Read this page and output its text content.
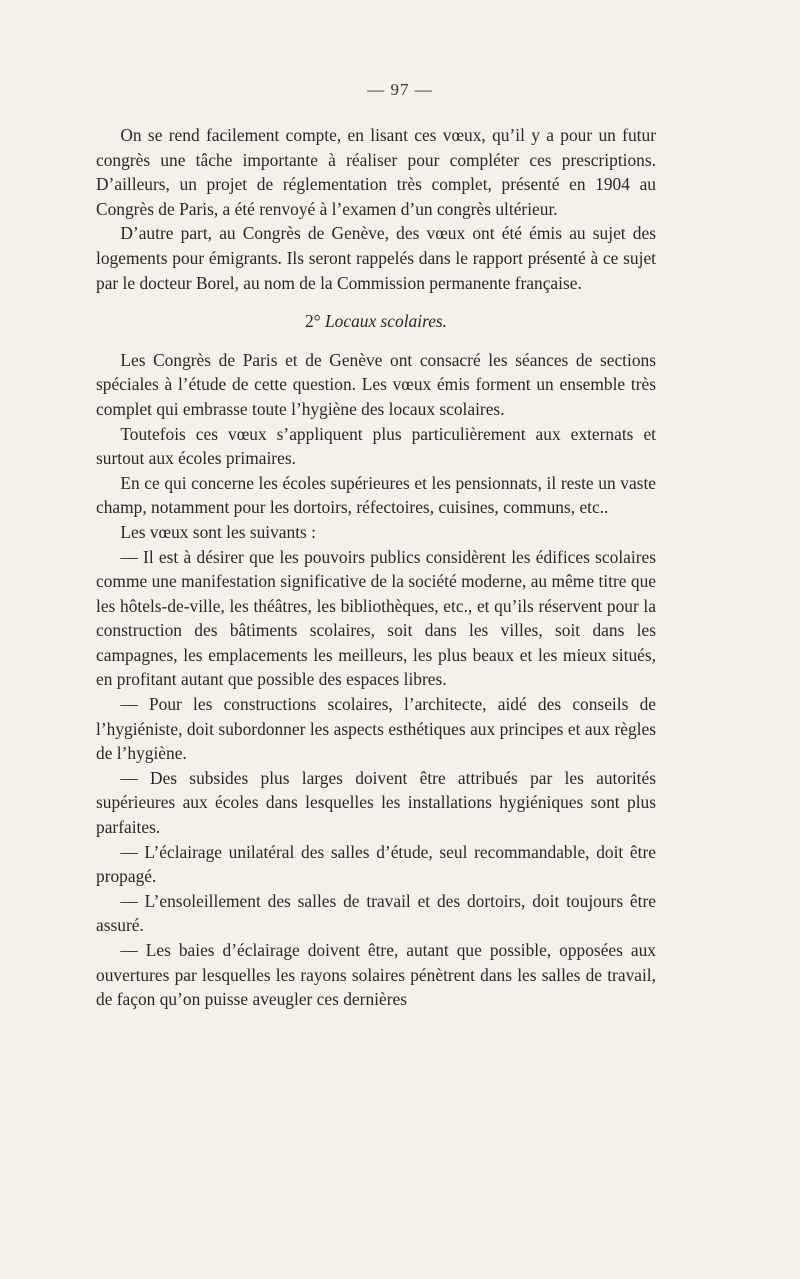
— 97 —

On se rend facilement compte, en lisant ces vœux, qu’il y a pour un futur congrès une tâche importante à réaliser pour compléter ces prescriptions. D’ailleurs, un projet de réglementation très complet, présenté en 1904 au Congrès de Paris, a été renvoyé à l’examen d’un congrès ultérieur.

D’autre part, au Congrès de Genève, des vœux ont été émis au sujet des logements pour émigrants. Ils seront rappelés dans le rapport présenté à ce sujet par le docteur Borel, au nom de la Commission permanente française.

2° Locaux scolaires.

Les Congrès de Paris et de Genève ont consacré les séances de sections spéciales à l’étude de cette question. Les vœux émis forment un ensemble très complet qui embrasse toute l’hygiène des locaux scolaires.

Toutefois ces vœux s’appliquent plus particulièrement aux externats et surtout aux écoles primaires.

En ce qui concerne les écoles supérieures et les pensionnats, il reste un vaste champ, notamment pour les dortoirs, réfectoires, cuisines, communs, etc..

Les vœux sont les suivants :

— Il est à désirer que les pouvoirs publics considèrent les édifices scolaires comme une manifestation significative de la société moderne, au même titre que les hôtels-de-ville, les théâtres, les bibliothèques, etc., et qu’ils réservent pour la construction des bâtiments scolaires, soit dans les villes, soit dans les campagnes, les emplacements les meilleurs, les plus beaux et les mieux situés, en profitant autant que possible des espaces libres.

— Pour les constructions scolaires, l’architecte, aidé des conseils de l’hygiéniste, doit subordonner les aspects esthétiques aux principes et aux règles de l’hygiène.

— Des subsides plus larges doivent être attribués par les autorités supérieures aux écoles dans lesquelles les installations hygiéniques sont plus parfaites.

— L’éclairage unilatéral des salles d’étude, seul recommandable, doit être propagé.

— L’ensoleillement des salles de travail et des dortoirs, doit toujours être assuré.

— Les baies d’éclairage doivent être, autant que possible, opposées aux ouvertures par lesquelles les rayons solaires pénètrent dans les salles de travail, de façon qu’on puisse aveugler ces dernières
